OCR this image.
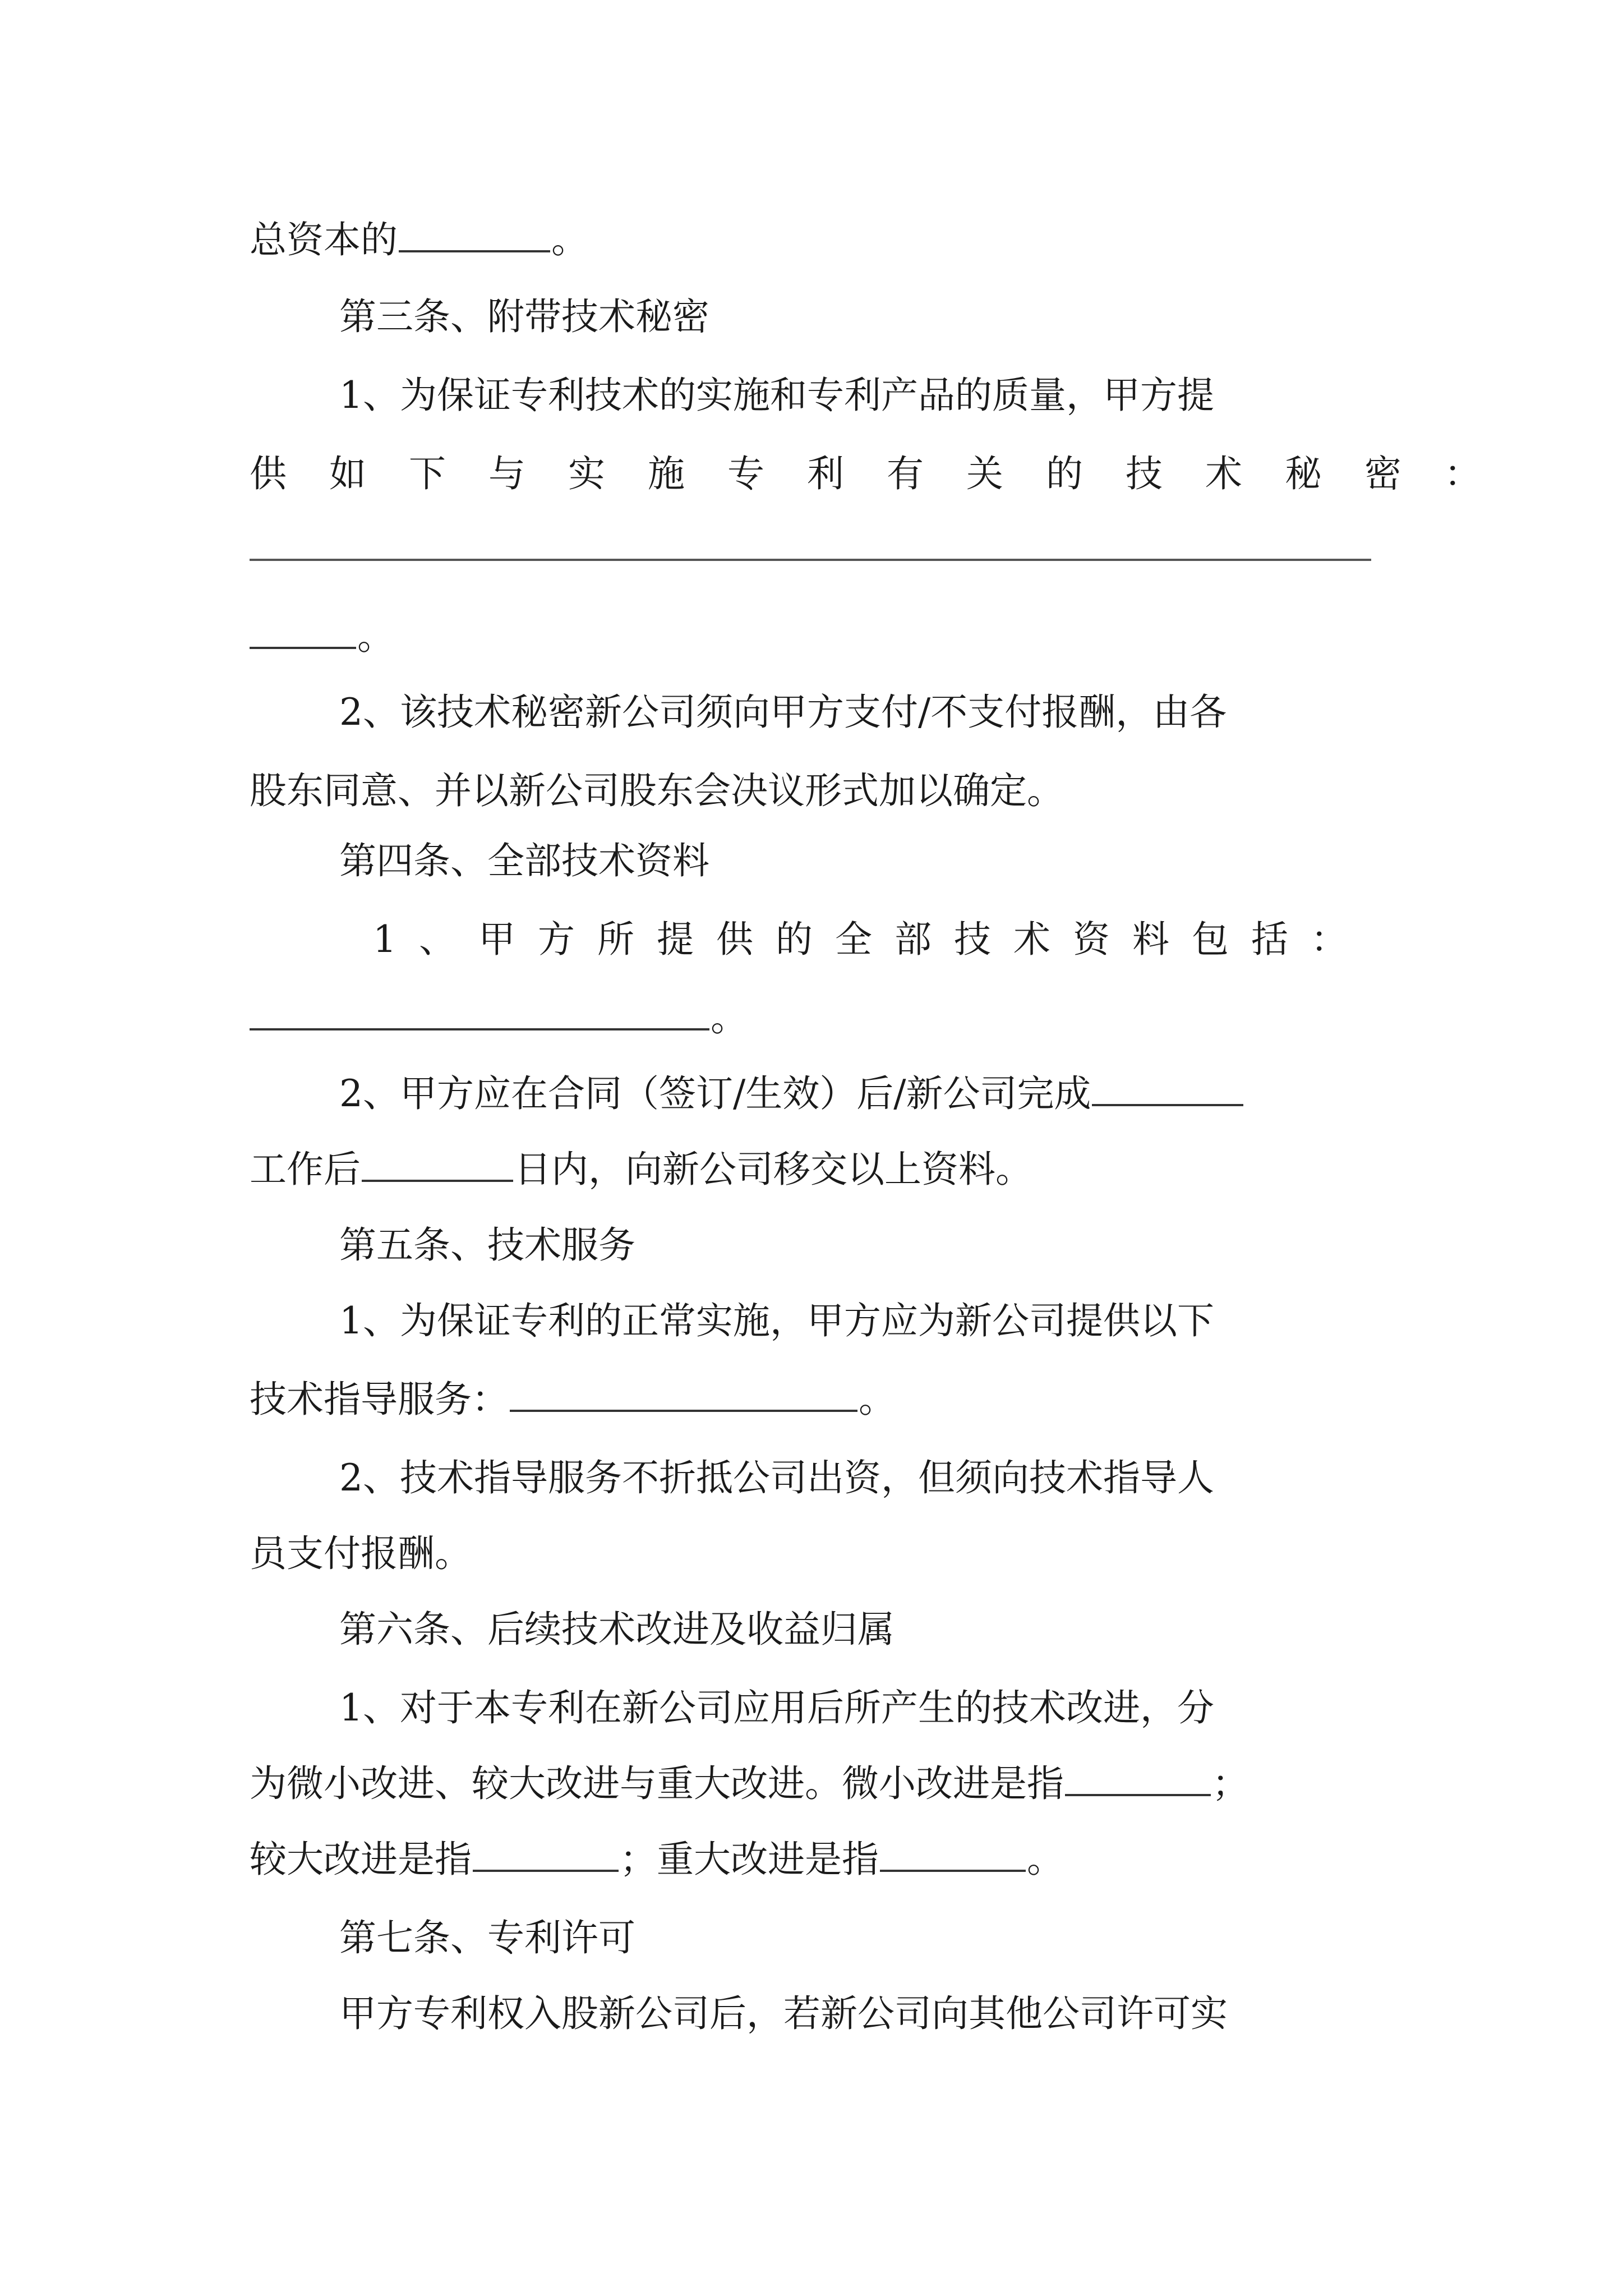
总资本的	。
第三条、附带技术秘密
1、为保证专利技术的实施和专利产品的质量，甲方提
供如下与实施专利有关的技术秘密：
。
2、该技术秘密新公司须向甲方支付/不支付报酬，由各
股东同意、并以新公司股东会决议形式加以确定。
第四条、全部技术资料
1、甲方所提供的全部技术资料包括：
。
2、甲方应在合同（签订/生效）后/新公司完成
工作后	日内，向新公司移交以上资料。
第五条、技术服务
1、为保证专利的正常实施，甲方应为新公司提供以下
技术指导服务：	。
2、技术指导服务不折抵公司出资，但须向技术指导人
员支付报酬。
第六条、后续技术改进及收益归属
1、对于本专利在新公司应用后所产生的技术改进，分
为微小改进、较大改进与重大改进。微小改进是指	；
较大改进是指	；重大改进是指	。
第七条、专利许可
甲方专利权入股新公司后，若新公司向其他公司许可实
